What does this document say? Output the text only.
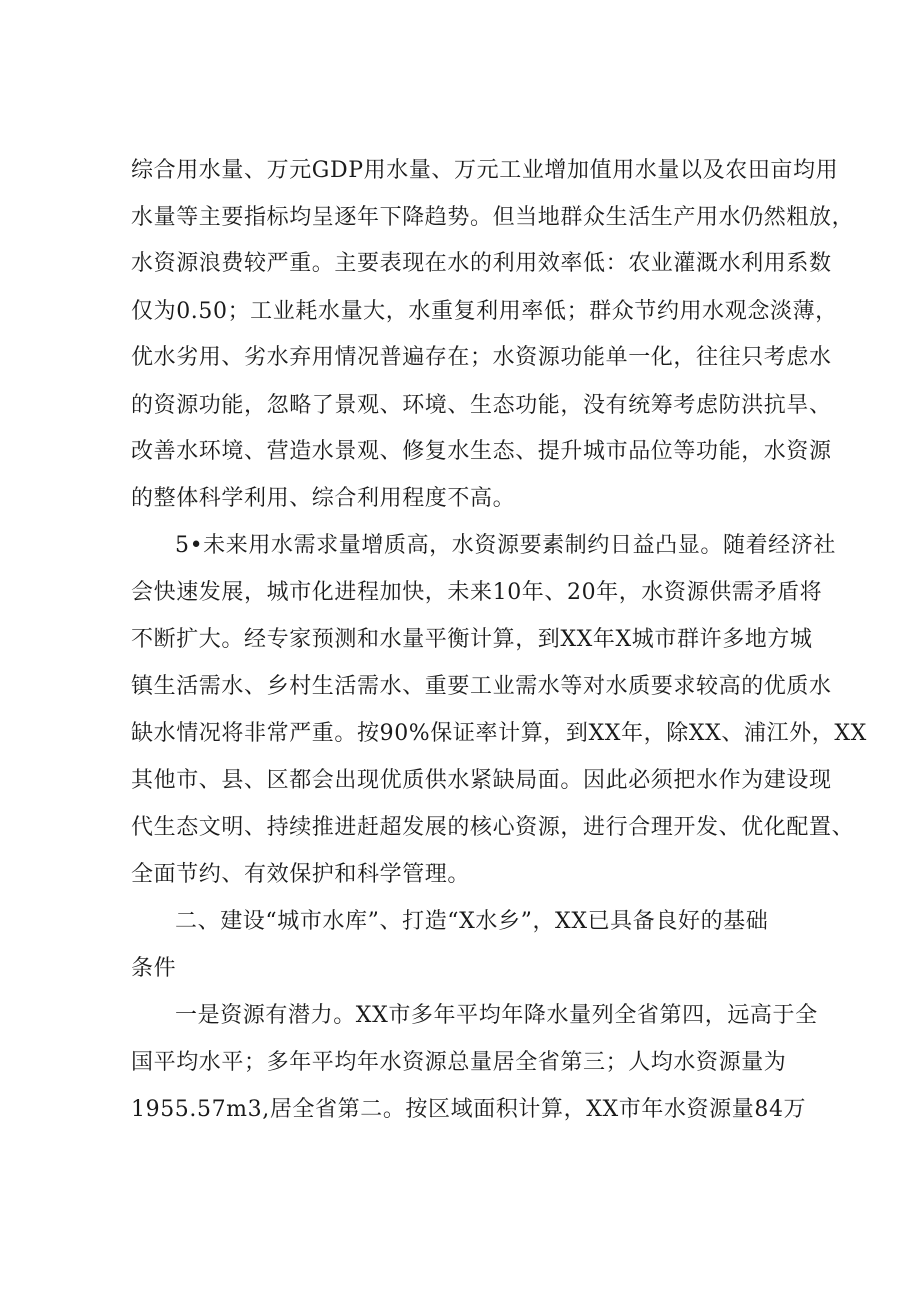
综合用水量、万元GDP用水量、万元工业增加值用水量以及农田亩均用
水量等主要指标均呈逐年下降趋势。但当地群众生活生产用水仍然粗放，
水资源浪费较严重。主要表现在水的利用效率低：农业灌溉水利用系数
仅为0.50；工业耗水量大，水重复利用率低；群众节约用水观念淡薄，
优水劣用、劣水弃用情况普遍存在；水资源功能单一化，往往只考虑水
的资源功能，忽略了景观、环境、生态功能，没有统筹考虑防洪抗旱、
改善水环境、营造水景观、修复水生态、提升城市品位等功能，水资源
的整体科学利用、综合利用程度不高。
5•未来用水需求量增质高，水资源要素制约日益凸显。随着经济社
会快速发展，城市化进程加快，未来10年、20年，水资源供需矛盾将
不断扩大。经专家预测和水量平衡计算，到XX年X城市群许多地方城
镇生活需水、乡村生活需水、重要工业需水等对水质要求较高的优质水
缺水情况将非常严重。按90%保证率计算，到XX年，除XX、浦江外，XX
其他市、县、区都会出现优质供水紧缺局面。因此必须把水作为建设现
代生态文明、持续推进赶超发展的核心资源，进行合理开发、优化配置、
全面节约、有效保护和科学管理。
二、建设“城市水库”、打造“X水乡”，XX已具备良好的基础
条件
一是资源有潜力。XX市多年平均年降水量列全省第四，远高于全
国平均水平；多年平均年水资源总量居全省第三；人均水资源量为
1955.57m3,居全省第二。按区域面积计算，XX市年水资源量84万
